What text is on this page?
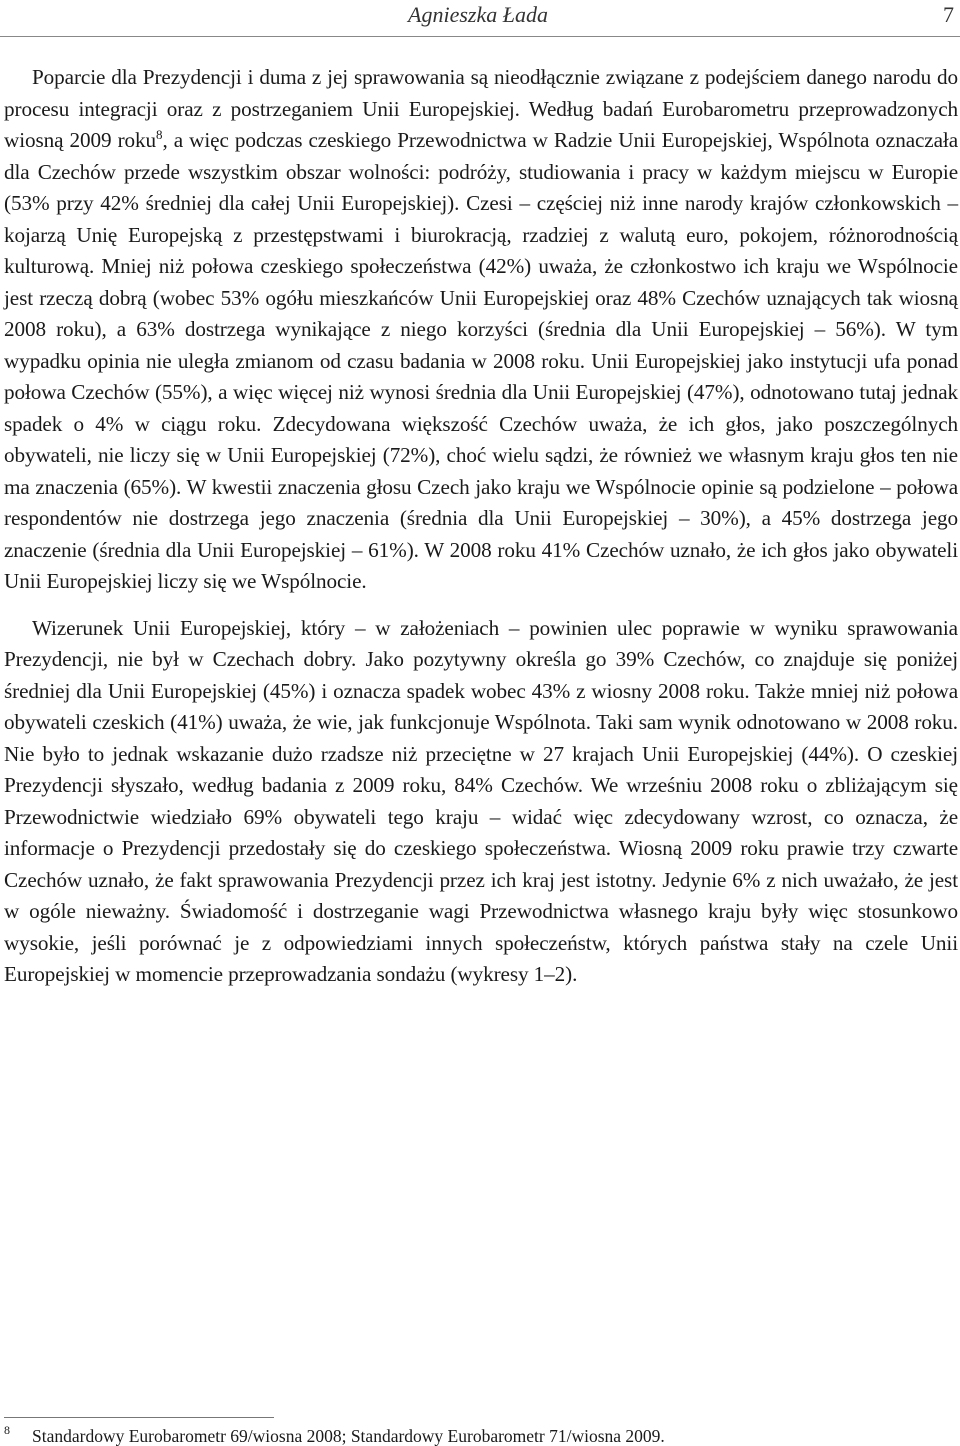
Agnieszka Łada	7

Poparcie dla Prezydencji i duma z jej sprawowania są nieodłącznie związane z podejściem danego narodu do procesu integracji oraz z postrzeganiem Unii Europejskiej. Według badań Eurobarometru przeprowadzonych wiosną 2009 roku$^8$, a więc podczas czeskiego Przewodnictwa w Radzie Unii Europejskiej, Wspólnota oznaczała dla Czechów przede wszystkim obszar wolności: podróży, studiowania i pracy w każdym miejscu w Europie (53% przy 42% średniej dla całej Unii Europejskiej). Czesi – częściej niż inne narody krajów członkowskich – kojarzą Unię Europejską z przestępstwami i biurokracją, rzadziej z walutą euro, pokojem, różnorodnością kulturową. Mniej niż połowa czeskiego społeczeństwa (42%) uważa, że członkostwo ich kraju we Wspólnocie jest rzeczą dobrą (wobec 53% ogółu mieszkańców Unii Europejskiej oraz 48% Czechów uznających tak wiosną 2008 roku), a 63% dostrzega wynikające z niego korzyści (średnia dla Unii Europejskiej – 56%). W tym wypadku opinia nie uległa zmianom od czasu badania w 2008 roku. Unii Europejskiej jako instytucji ufa ponad połowa Czechów (55%), a więc więcej niż wynosi średnia dla Unii Europejskiej (47%), odnotowano tutaj jednak spadek o 4% w ciągu roku. Zdecydowana większość Czechów uważa, że ich głos, jako poszczególnych obywateli, nie liczy się w Unii Europejskiej (72%), choć wielu sądzi, że również we własnym kraju głos ten nie ma znaczenia (65%). W kwestii znaczenia głosu Czech jako kraju we Wspólnocie opinie są podzielone – połowa respondentów nie dostrzega jego znaczenia (średnia dla Unii Europejskiej – 30%), a 45% dostrzega jego znaczenie (średnia dla Unii Europejskiej – 61%). W 2008 roku 41% Czechów uznało, że ich głos jako obywateli Unii Europejskiej liczy się we Wspólnocie.

Wizerunek Unii Europejskiej, który – w założeniach – powinien ulec poprawie w wyniku sprawowania Prezydencji, nie był w Czechach dobry. Jako pozytywny określa go 39% Czechów, co znajduje się poniżej średniej dla Unii Europejskiej (45%) i oznacza spadek wobec 43% z wiosny 2008 roku. Także mniej niż połowa obywateli czeskich (41%) uważa, że wie, jak funkcjonuje Wspólnota. Taki sam wynik odnotowano w 2008 roku. Nie było to jednak wskazanie dużo rzadsze niż przeciętne w 27 krajach Unii Europejskiej (44%). O czeskiej Prezydencji słyszało, według badania z 2009 roku, 84% Czechów. We wrześniu 2008 roku o zbliżającym się Przewodnictwie wiedziało 69% obywateli tego kraju – widać więc zdecydowany wzrost, co oznacza, że informacje o Prezydencji przedostały się do czeskiego społeczeństwa. Wiosną 2009 roku prawie trzy czwarte Czechów uznało, że fakt sprawowania Prezydencji przez ich kraj jest istotny. Jedynie 6% z nich uważało, że jest w ogóle nieważny. Świadomość i dostrzeganie wagi Przewodnictwa własnego kraju były więc stosunkowo wysokie, jeśli porównać je z odpowiedziami innych społeczeństw, których państwa stały na czele Unii Europejskiej w momencie przeprowadzania sondażu (wykresy 1–2).

8 Standardowy Eurobarometr 69/wiosna 2008; Standardowy Eurobarometr 71/wiosna 2009.
